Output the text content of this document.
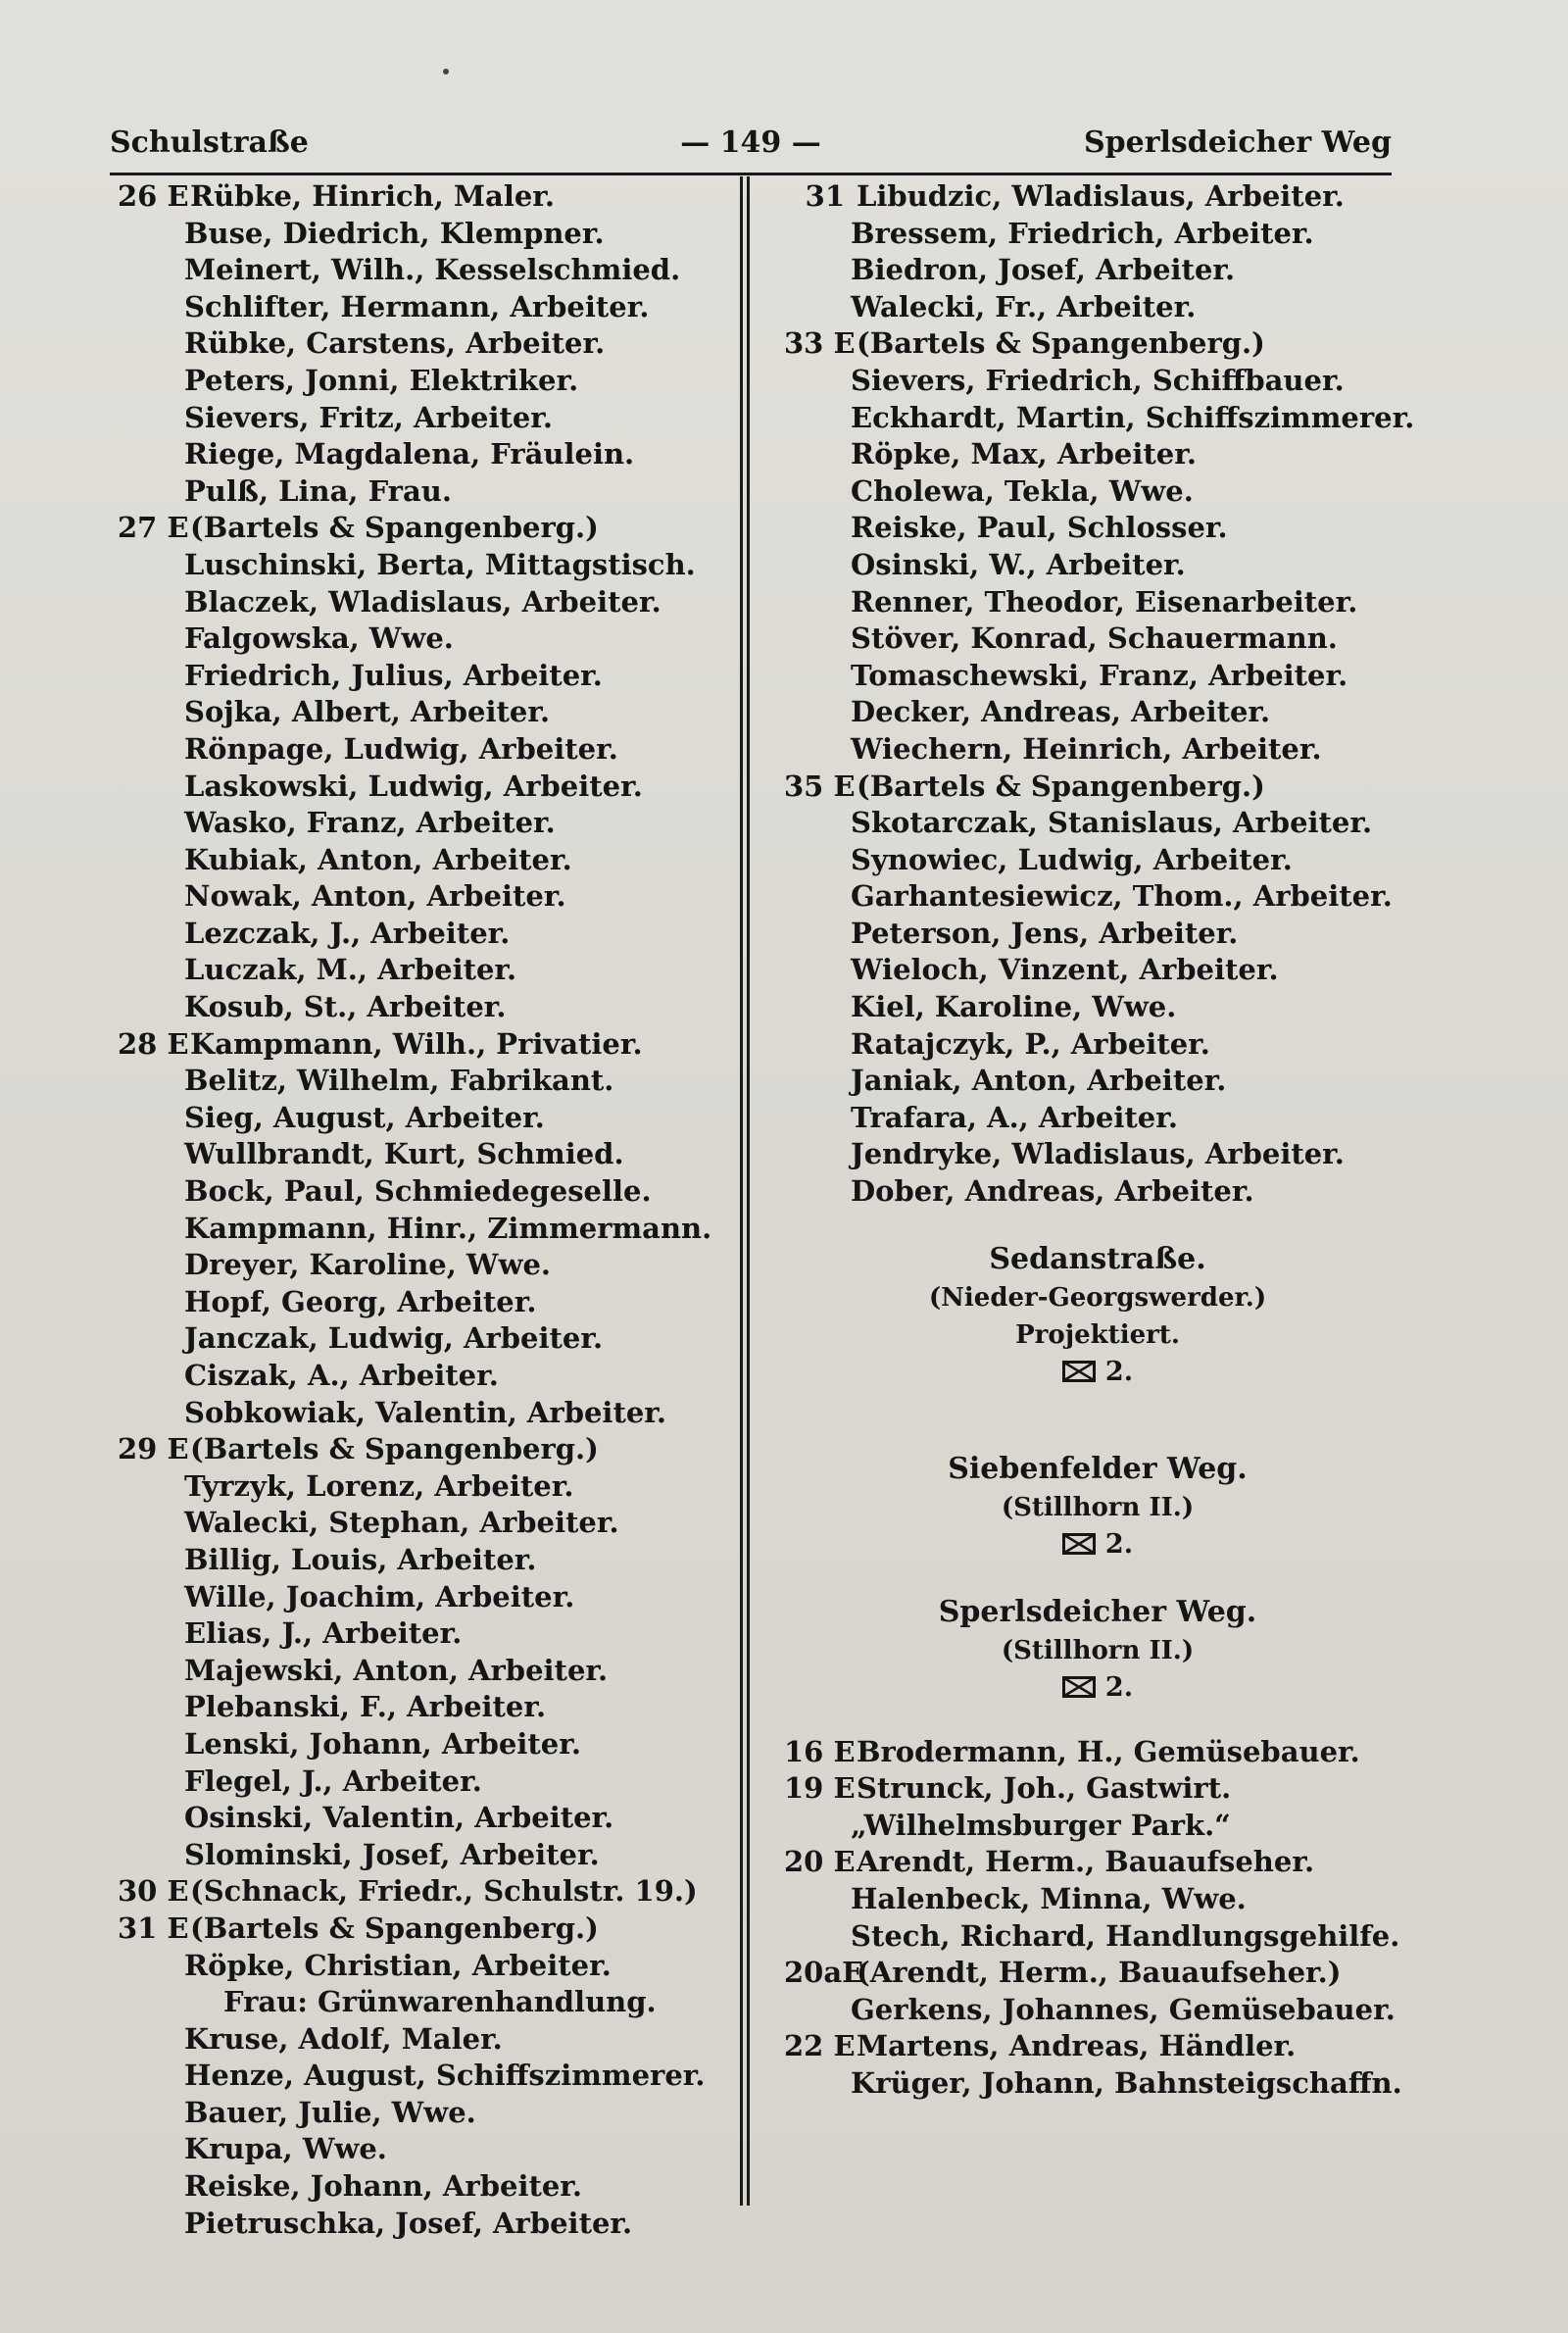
Schulstraße	— 149 —	Sperlsdeicher Weg
26 ERübke, Hinrich, Maler.
Buse, Diedrich, Klempner.
Meinert, Wilh., Kesselschmied.
Schlifter, Hermann, Arbeiter.
Rübke, Carstens, Arbeiter.
Peters, Jonni, Elektriker.
Sievers, Fritz, Arbeiter.
Riege, Magdalena, Fräulein.
Pulß, Lina, Frau.
27 E(Bartels & Spangenberg.)
Luschinski, Berta, Mittagstisch.
Blaczek, Wladislaus, Arbeiter.
Falgowska, Wwe.
Friedrich, Julius, Arbeiter.
Sojka, Albert, Arbeiter.
Rönpage, Ludwig, Arbeiter.
Laskowski, Ludwig, Arbeiter.
Wasko, Franz, Arbeiter.
Kubiak, Anton, Arbeiter.
Nowak, Anton, Arbeiter.
Lezczak, J., Arbeiter.
Luczak, M., Arbeiter.
Kosub, St., Arbeiter.
28 EKampmann, Wilh., Privatier.
Belitz, Wilhelm, Fabrikant.
Sieg, August, Arbeiter.
Wullbrandt, Kurt, Schmied.
Bock, Paul, Schmiedegeselle.
Kampmann, Hinr., Zimmermann.
Dreyer, Karoline, Wwe.
Hopf, Georg, Arbeiter.
Janczak, Ludwig, Arbeiter.
Ciszak, A., Arbeiter.
Sobkowiak, Valentin, Arbeiter.
29 E(Bartels & Spangenberg.)
Tyrzyk, Lorenz, Arbeiter.
Walecki, Stephan, Arbeiter.
Billig, Louis, Arbeiter.
Wille, Joachim, Arbeiter.
Elias, J., Arbeiter.
Majewski, Anton, Arbeiter.
Plebanski, F., Arbeiter.
Lenski, Johann, Arbeiter.
Flegel, J., Arbeiter.
Osinski, Valentin, Arbeiter.
Slominski, Josef, Arbeiter.
30 E(Schnack, Friedr., Schulstr. 19.)
31 E(Bartels & Spangenberg.)
Röpke, Christian, Arbeiter.
Frau: Grünwarenhandlung.
Kruse, Adolf, Maler.
Henze, August, Schiffszimmerer.
Bauer, Julie, Wwe.
Krupa, Wwe.
Reiske, Johann, Arbeiter.
Pietruschka, Josef, Arbeiter.
31 Libudzic, Wladislaus, Arbeiter.
Bressem, Friedrich, Arbeiter.
Biedron, Josef, Arbeiter.
Walecki, Fr., Arbeiter.
33 E(Bartels & Spangenberg.)
Sievers, Friedrich, Schiffbauer.
Eckhardt, Martin, Schiffszimmerer.
Röpke, Max, Arbeiter.
Cholewa, Tekla, Wwe.
Reiske, Paul, Schlosser.
Osinski, W., Arbeiter.
Renner, Theodor, Eisenarbeiter.
Stöver, Konrad, Schauermann.
Tomaschewski, Franz, Arbeiter.
Decker, Andreas, Arbeiter.
Wiechern, Heinrich, Arbeiter.
35 E(Bartels & Spangenberg.)
Skotarczak, Stanislaus, Arbeiter.
Synowiec, Ludwig, Arbeiter.
Garhantesiewicz, Thom., Arbeiter.
Peterson, Jens, Arbeiter.
Wieloch, Vinzent, Arbeiter.
Kiel, Karoline, Wwe.
Ratajczyk, P., Arbeiter.
Janiak, Anton, Arbeiter.
Trafara, A., Arbeiter.
Jendryke, Wladislaus, Arbeiter.
Dober, Andreas, Arbeiter.
Sedanstraße.
(Nieder-Georgswerder.)
Projektiert.
2.
Siebenfelder Weg.
(Stillhorn II.)
2.
Sperlsdeicher Weg.
(Stillhorn II.)
2.
16 EBrodermann, H., Gemüsebauer.
19 EStrunck, Joh., Gastwirt.
„Wilhelmsburger Park.“
20 EArendt, Herm., Bauaufseher.
Halenbeck, Minna, Wwe.
Stech, Richard, Handlungsgehilfe.
20aE(Arendt, Herm., Bauaufseher.)
Gerkens, Johannes, Gemüsebauer.
22 EMartens, Andreas, Händler.
Krüger, Johann, Bahnsteigschaffn.
